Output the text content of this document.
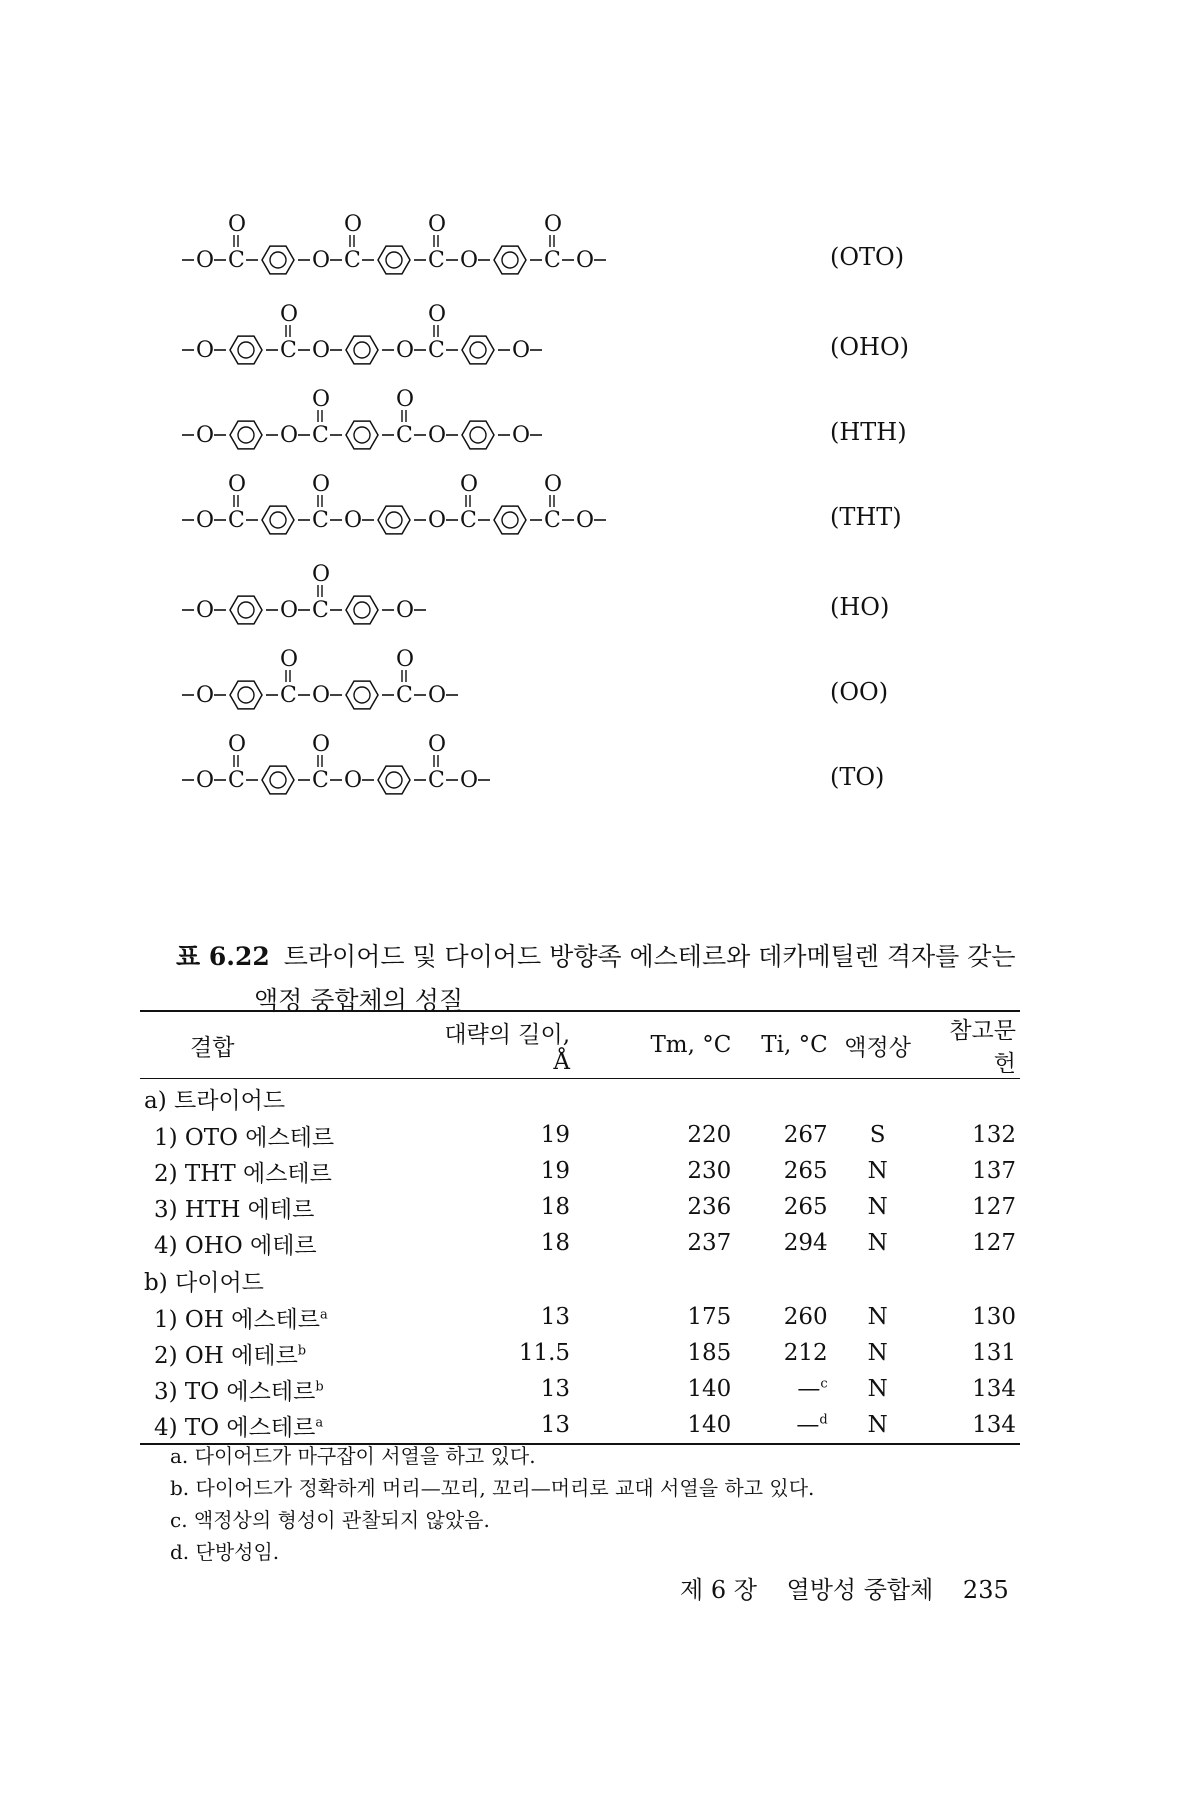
O C
O
O C
O
C
O
O	C
O
O	(OTO)
O	C
O
O	O C
O
O	(OHO)
O	O C
O
C
O
O	O	(HTH)
O C
O
C
O
O	O C
O
C
O
O	(THT)
O	O C
O
O	(HO)
O	C
O
O	C
O
O	(OO)
O C
O
C
O
O	C
O
O	(TO)
표 6.22 트라이어드 및 다이어드 방향족 에스테르와 데카메틸렌 격자를 갖는
액정 중합체의 성질
결합	대략의 길이, Å	Tm, °C	Ti, °C	액정상	참고문헌
a) 트라이어드					
1) OTO 에스테르	19	220	267	S	132
2) THT 에스테르	19	230	265	N	137
3) HTH 에테르	18	236	265	N	127
4) OHO 에테르	18	237	294	N	127
b) 다이어드					
1) OH 에스테르$^a$	13	175	260	N	130
2) OH 에테르$^b$	11.5	185	212	N	131
3) TO 에스테르$^b$	13	140	—$^c$	N	134
4) TO 에스테르$^a$	13	140	—$^d$	N	134
a. 다이어드가 마구잡이 서열을 하고 있다.
b. 다이어드가 정확하게 머리—꼬리, 꼬리—머리로 교대 서열을 하고 있다.
c. 액정상의 형성이 관찰되지 않았음.
d. 단방성임.
제 6 장 열방성 중합체 235
